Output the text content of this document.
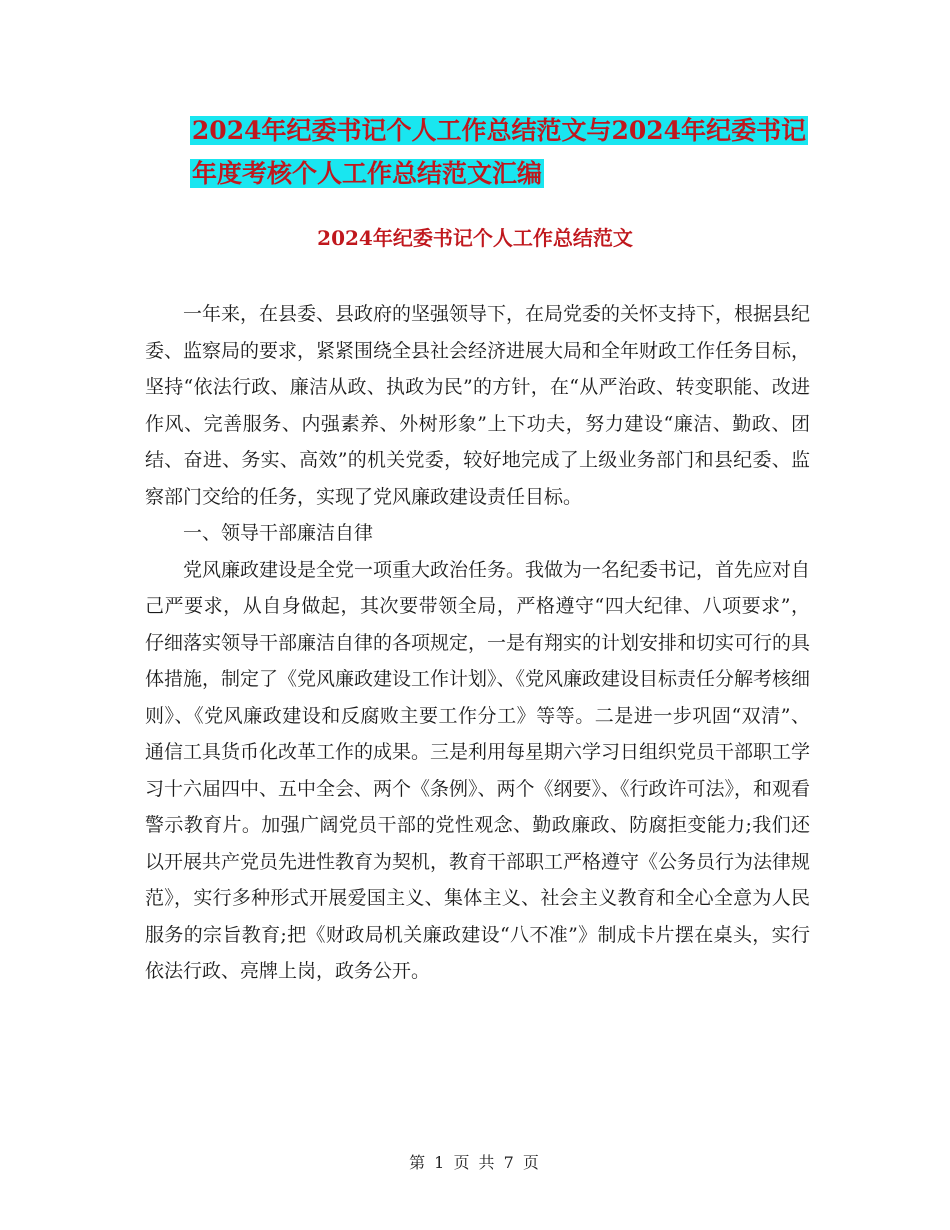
2024年纪委书记个人工作总结范文与2024年纪委书记
年度考核个人工作总结范文汇编
2024年纪委书记个人工作总结范文

一年来，在县委、县政府的坚强领导下，在局党委的关怀支持下，根据县纪委、监察局的要求，紧紧围绕全县社会经济进展大局和全年财政工作任务目标，坚持“依法行政、廉洁从政、执政为民”的方针，在“从严治政、转变职能、改进作风、完善服务、内强素养、外树形象”上下功夫，努力建设“廉洁、勤政、团结、奋进、务实、高效”的机关党委，较好地完成了上级业务部门和县纪委、监察部门交给的任务，实现了党风廉政建设责任目标。

一、领导干部廉洁自律

党风廉政建设是全党一项重大政治任务。我做为一名纪委书记，首先应对自己严要求，从自身做起，其次要带领全局，严格遵守“四大纪律、八项要求”，仔细落实领导干部廉洁自律的各项规定，一是有翔实的计划安排和切实可行的具体措施，制定了《党风廉政建设工作计划》、《党风廉政建设目标责任分解考核细则》、《党风廉政建设和反腐败主要工作分工》等等。二是进一步巩固“双清”、通信工具货币化改革工作的成果。三是利用每星期六学习日组织党员干部职工学习十六届四中、五中全会、两个《条例》、两个《纲要》、《行政许可法》，和观看警示教育片。加强广阔党员干部的党性观念、勤政廉政、防腐拒变能力;我们还以开展共产党员先进性教育为契机，教育干部职工严格遵守《公务员行为法律规范》，实行多种形式开展爱国主义、集体主义、社会主义教育和全心全意为人民服务的宗旨教育;把《财政局机关廉政建设“八不准”》制成卡片摆在桌头，实行依法行政、亮牌上岗，政务公开。

第 1 页 共 7 页
